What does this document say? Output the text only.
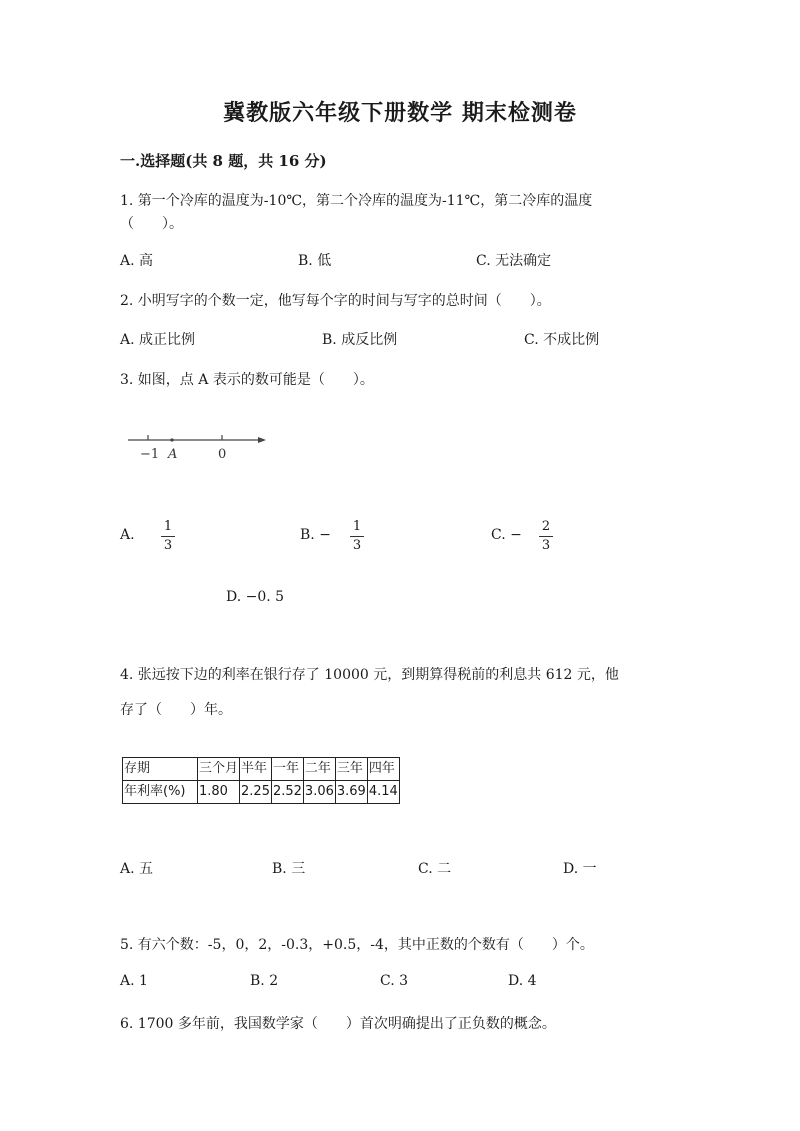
冀教版六年级下册数学 期末检测卷
一.选择题(共 8 题，共 16 分)
1. 第一个冷库的温度为-10℃，第二个冷库的温度为-11℃，第二冷库的温度
（　　）。
A. 高	B. 低	C. 无法确定
2. 小明写字的个数一定，他写每个字的时间与写字的总时间（　　）。
A. 成正比例	B. 成反比例	C. 不成比例
3. 如图，点 A 表示的数可能是（　　）。
−1 A	0
A.
1
3
B. −
1
3
C. −
2
3
D. −0. 5
4. 张远按下边的利率在银行存了 10000 元，到期算得税前的利息共 612 元，他
存了（　　）年。
存期	三个月	半年	一年	二年	三年	四年
年利率(%)	1.80	2.25	2.52	3.06	3.69	4.14
A. 五	B. 三	C. 二	D. 一
5. 有六个数：-5，0，2，-0.3，+0.5，-4，其中正数的个数有（　　）个。
A. 1	B. 2	C. 3	D. 4
6. 1700 多年前，我国数学家（　　）首次明确提出了正负数的概念。
